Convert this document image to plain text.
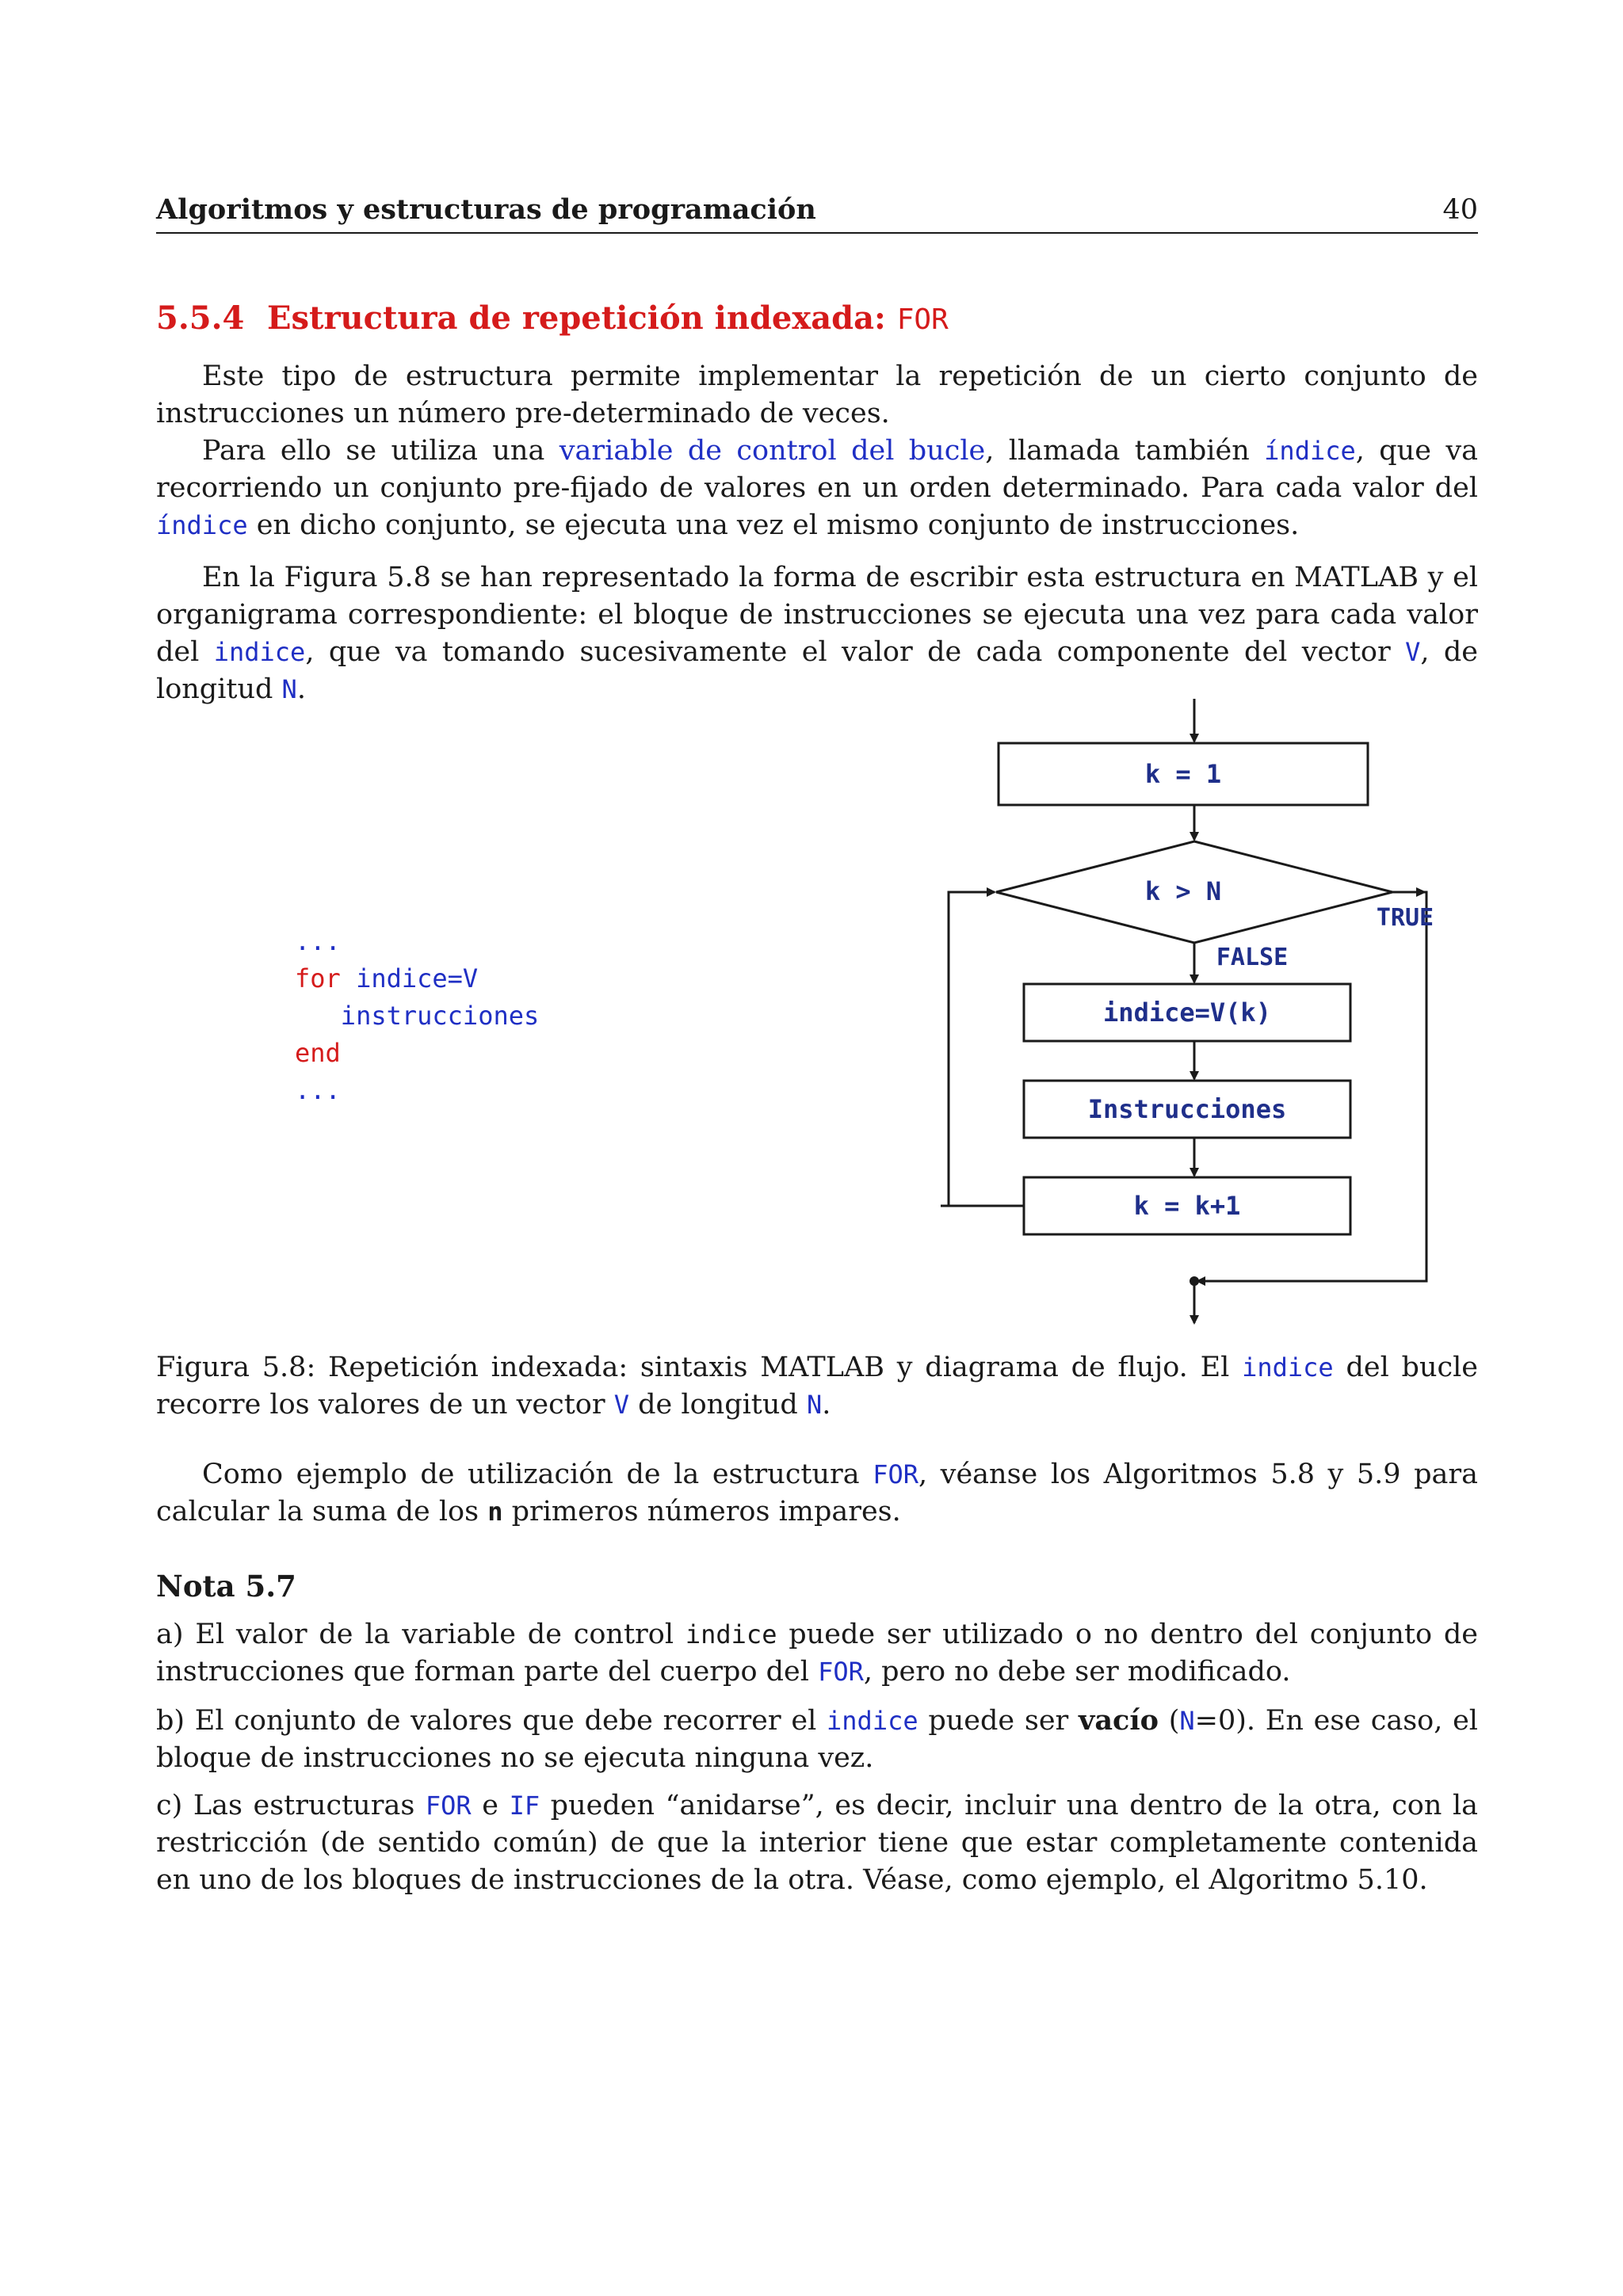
Algoritmos y estructuras de programación	40
5.5.4 Estructura de repetición indexada: FOR
Este tipo de estructura permite implementar la repetición de un cierto conjunto de instrucciones un número pre-determinado de veces.
Para ello se utiliza una variable de control del bucle, llamada también índice, que va recorriendo un conjunto pre-fijado de valores en un orden determinado. Para cada valor del índice en dicho conjunto, se ejecuta una vez el mismo conjunto de instrucciones.
En la Figura 5.8 se han representado la forma de escribir esta estructura en MATLAB y el organigrama correspondiente: el bloque de instrucciones se ejecuta una vez para cada valor del indice, que va tomando sucesivamente el valor de cada componente del vector V, de longitud N.
...
for indice=V
instrucciones
end
...
k = 1
k > N
indice=V(k)
Instrucciones
k = k+1
TRUE
FALSE
Figura 5.8: Repetición indexada: sintaxis MATLAB y diagrama de flujo. El indice del bucle recorre los valores de un vector V de longitud N.
Como ejemplo de utilización de la estructura FOR, véanse los Algoritmos 5.8 y 5.9 para calcular la suma de los n primeros números impares.
Nota 5.7
a) El valor de la variable de control indice puede ser utilizado o no dentro del conjunto de instrucciones que forman parte del cuerpo del FOR, pero no debe ser modificado.
b) El conjunto de valores que debe recorrer el indice puede ser vacío (N=0). En ese caso, el bloque de instrucciones no se ejecuta ninguna vez.
c) Las estructuras FOR e IF pueden “anidarse”, es decir, incluir una dentro de la otra, con la restricción (de sentido común) de que la interior tiene que estar completamente contenida en uno de los bloques de instrucciones de la otra. Véase, como ejemplo, el Algoritmo 5.10.
